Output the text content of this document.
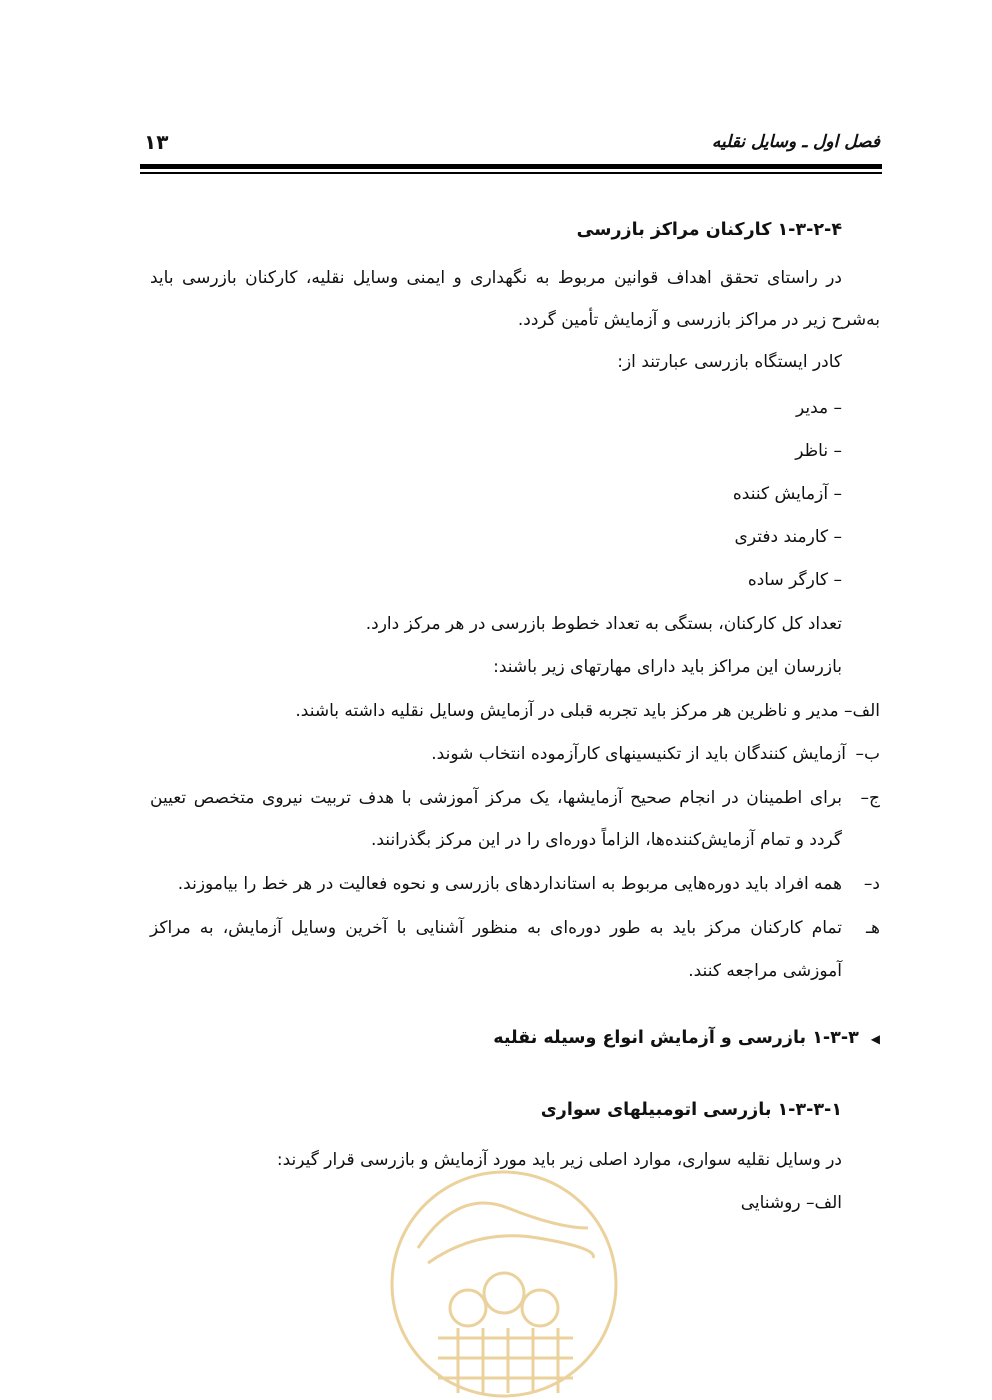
فصل اول ـ وسایل نقلیه
۱۳
۱-۳-۲-۴ کارکنان مراکز بازرسی
در راستای تحقق اهداف قوانین مربوط به نگهداری و ایمنی وسایل نقلیه، کارکنان بازرسی باید
به‌شرح زیر در مراکز بازرسی و آزمایش تأمین گردد.
کادر ایستگاه بازرسی عبارتند از:
– مدیر
– ناظر
– آزمایش کننده
– کارمند دفتری
– کارگر ساده
تعداد کل کارکنان، بستگی به تعداد خطوط بازرسی در هر مرکز دارد.
بازرسان این مراکز باید دارای مهارتهای زیر باشند:
الف– مدیر و ناظرین هر مرکز باید تجربه قبلی در آزمایش وسایل نقلیه داشته باشند.
ب–
آزمایش کنندگان باید از تکنیسینهای کارآزموده انتخاب شوند.
ج–
برای اطمینان در انجام صحیح آزمایشها، یک مرکز آموزشی با هدف تربیت نیروی متخصص تعیین
گردد و تمام آزمایش‌کننده‌ها، الزاماً دوره‌ای را در این مرکز بگذرانند.
د–
همه افراد باید دوره‌هایی مربوط به استانداردهای بازرسی و نحوه فعالیت در هر خط را بیاموزند.
هـ
تمام کارکنان مرکز باید به طور دوره‌ای به منظور آشنایی با آخرین وسایل آزمایش، به مراکز
آموزشی مراجعه کنند.
◀۱-۳-۳ بازرسی و آزمایش انواع وسیله نقلیه
۱-۳-۳-۱ بازرسی اتومبیلهای سواری
در وسایل نقلیه سواری، موارد اصلی زیر باید مورد آزمایش و بازرسی قرار گیرند:
الف– روشنایی
